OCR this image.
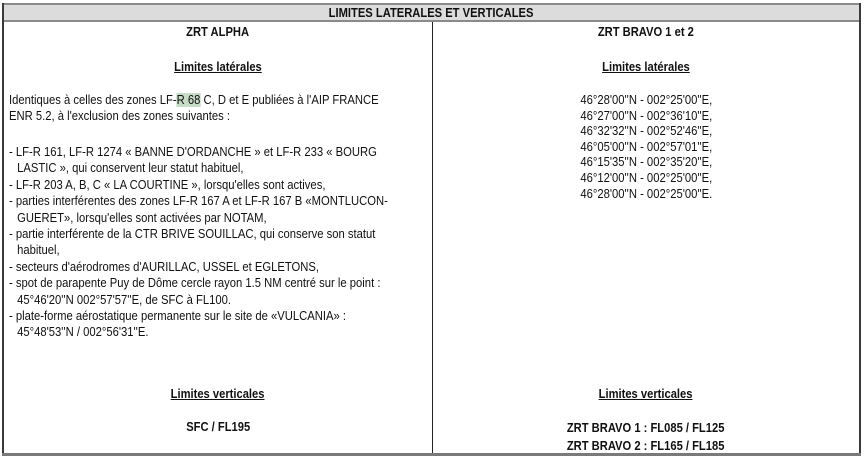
LIMITES LATERALES ET VERTICALES
ZRT ALPHA
Limites latérales
Identiques à celles des zones LF-R 68 C, D et E publiées à l'AIP FRANCE
ENR 5.2, à l'exclusion des zones suivantes :
- LF-R 161, LF-R 1274 « BANNE D'ORDANCHE » et LF-R 233 « BOURG
LASTIC », qui conservent leur statut habituel,
- LF-R 203 A, B, C « LA COURTINE », lorsqu'elles sont actives,
- parties interférentes des zones LF-R 167 A et LF-R 167 B «MONTLUCON-
GUERET», lorsqu'elles sont activées par NOTAM,
- partie interférente de la CTR BRIVE SOUILLAC, qui conserve son statut
habituel,
- secteurs d'aérodromes d'AURILLAC, USSEL et EGLETONS,
- spot de parapente Puy de Dôme cercle rayon 1.5 NM centré sur le point :
45°46'20''N 002°57'57''E, de SFC à FL100.
- plate-forme aérostatique permanente sur le site de «VULCANIA» :
45°48'53''N / 002°56'31''E.
Limites verticales
SFC / FL195
ZRT BRAVO 1 et 2
Limites latérales
46°28'00''N - 002°25'00''E,
46°27'00''N - 002°36'10''E,
46°32'32''N - 002°52'46''E,
46°05'00''N - 002°57'01''E,
46°15'35''N - 002°35'20''E,
46°12'00''N - 002°25'00''E,
46°28'00''N - 002°25'00''E.
Limites verticales
ZRT BRAVO 1 : FL085 / FL125
ZRT BRAVO 2 : FL165 / FL185
